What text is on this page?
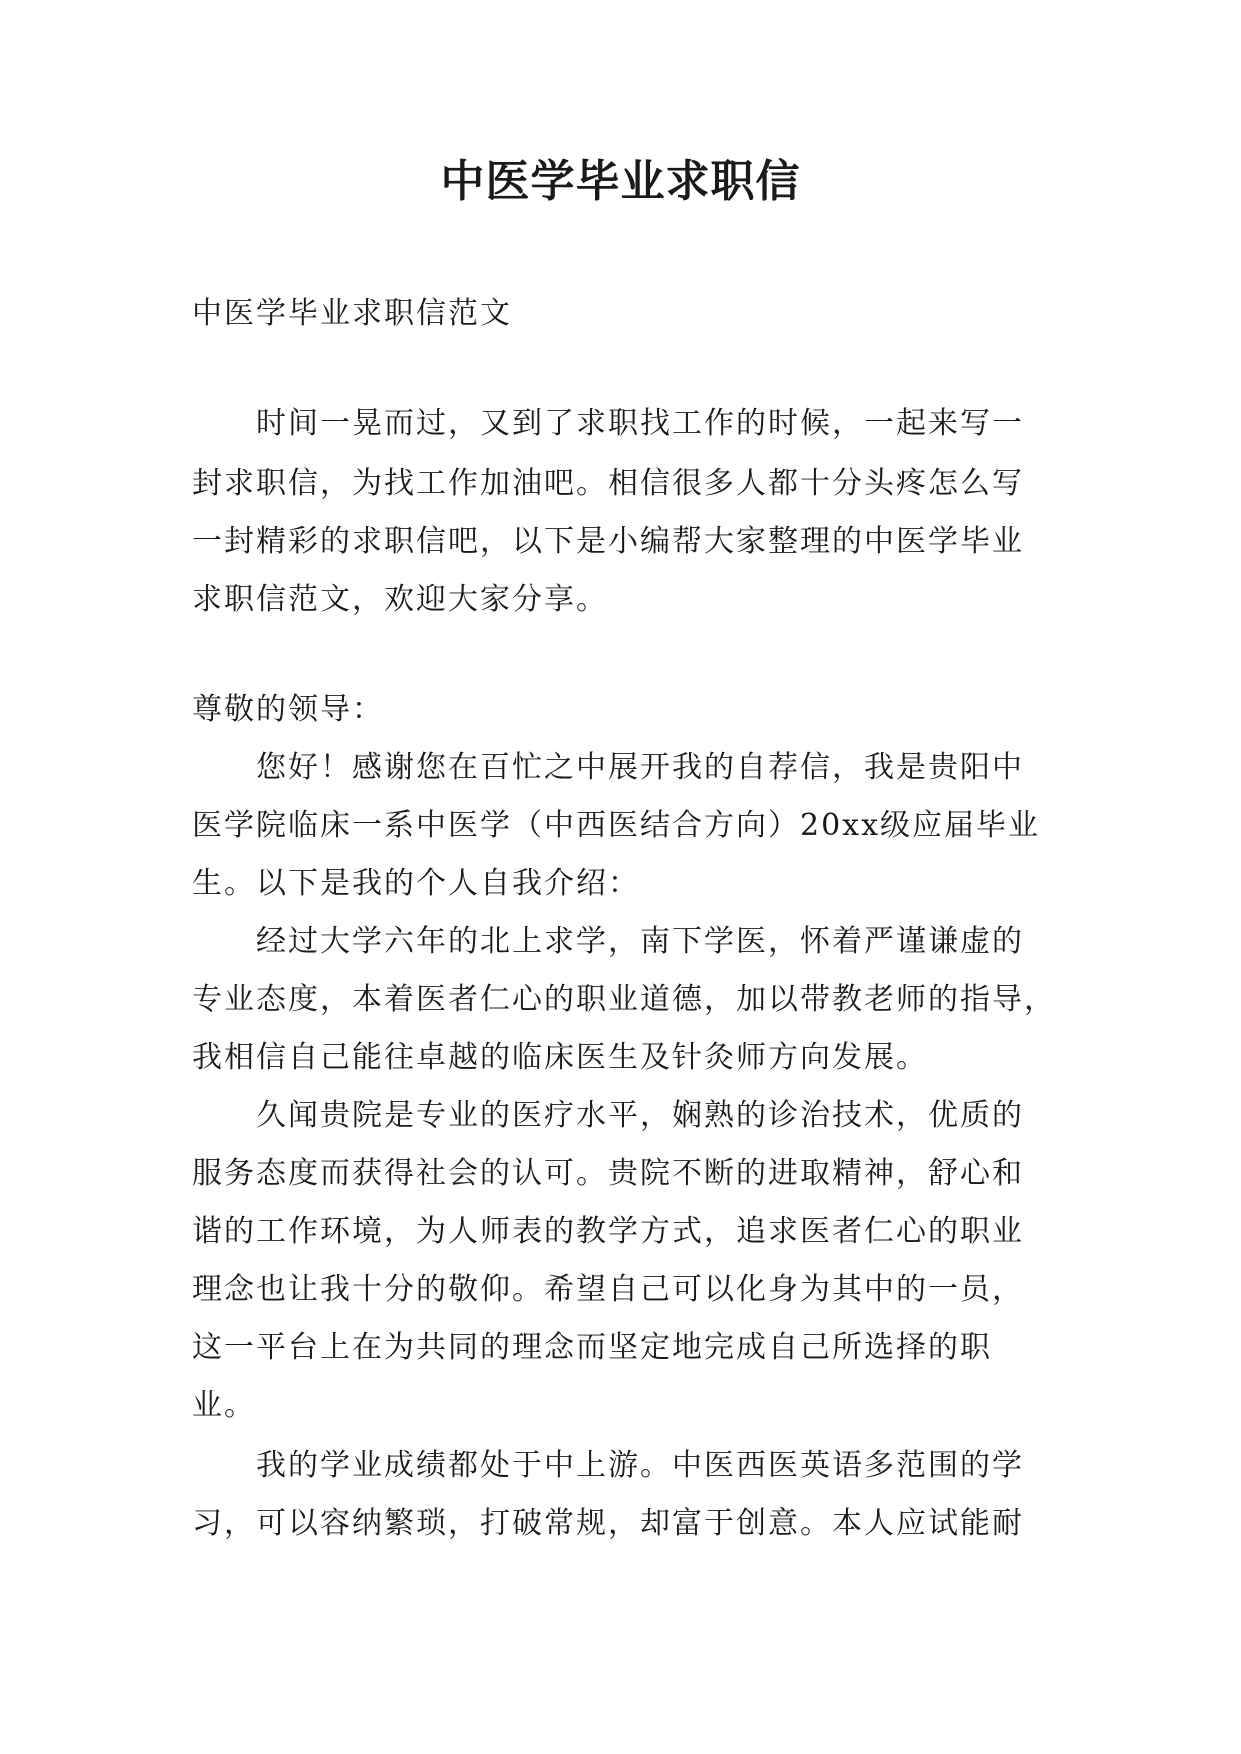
中医学毕业求职信

中医学毕业求职信范文

时间一晃而过，又到了求职找工作的时候，一起来写一

封求职信，为找工作加油吧。相信很多人都十分头疼怎么写

一封精彩的求职信吧，以下是小编帮大家整理的中医学毕业

求职信范文，欢迎大家分享。

尊敬的领导：

您好！感谢您在百忙之中展开我的自荐信，我是贵阳中

医学院临床一系中医学（中西医结合方向）20xx级应届毕业

生。以下是我的个人自我介绍：

经过大学六年的北上求学，南下学医，怀着严谨谦虚的

专业态度，本着医者仁心的职业道德，加以带教老师的指导，

我相信自己能往卓越的临床医生及针灸师方向发展。

久闻贵院是专业的医疗水平，娴熟的诊治技术，优质的

服务态度而获得社会的认可。贵院不断的进取精神，舒心和

谐的工作环境，为人师表的教学方式，追求医者仁心的职业

理念也让我十分的敬仰。希望自己可以化身为其中的一员，

这一平台上在为共同的理念而坚定地完成自己所选择的职

业。

我的学业成绩都处于中上游。中医西医英语多范围的学

习，可以容纳繁琐，打破常规，却富于创意。本人应试能耐
